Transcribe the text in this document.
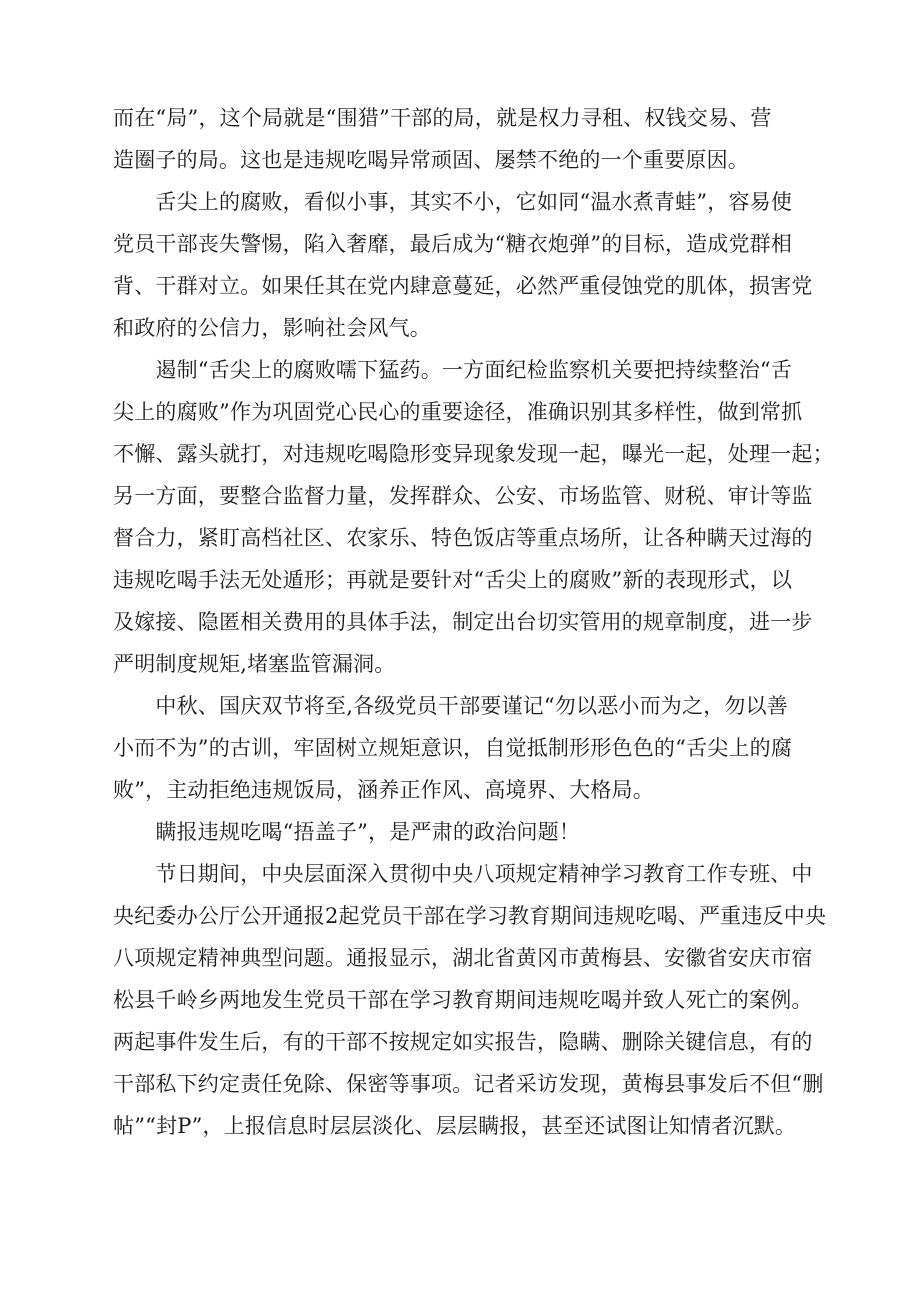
而在“局”，这个局就是“围猎”干部的局，就是权力寻租、权钱交易、营
造圈子的局。这也是违规吃喝异常顽固、屡禁不绝的一个重要原因。
　　舌尖上的腐败，看似小事，其实不小，它如同“温水煮青蛙”，容易使
党员干部丧失警惕，陷入奢靡，最后成为“糖衣炮弹”的目标，造成党群相
背、干群对立。如果任其在党内肆意蔓延，必然严重侵蚀党的肌体，损害党
和政府的公信力，影响社会风气。
　　遏制“舌尖上的腐败嚅下猛药。一方面纪检监察机关要把持续整治“舌
尖上的腐败”作为巩固党心民心的重要途径，准确识别其多样性，做到常抓
不懈、露头就打，对违规吃喝隐形变异现象发现一起，曝光一起，处理一起；
另一方面，要整合监督力量，发挥群众、公安、市场监管、财税、审计等监
督合力，紧盯高档社区、农家乐、特色饭店等重点场所，让各种瞒天过海的
违规吃喝手法无处遁形；再就是要针对“舌尖上的腐败”新的表现形式，以
及嫁接、隐匿相关费用的具体手法，制定出台切实管用的规章制度，进一步
严明制度规矩,堵塞监管漏洞。
　　中秋、国庆双节将至,各级党员干部要谨记“勿以恶小而为之，勿以善
小而不为”的古训，牢固树立规矩意识，自觉抵制形形色色的“舌尖上的腐
败”，主动拒绝违规饭局，涵养正作风、高境界、大格局。
　　瞒报违规吃喝“捂盖子”，是严肃的政治问题！
　　节日期间，中央层面深入贯彻中央八项规定精神学习教育工作专班、中
央纪委办公厅公开通报2起党员干部在学习教育期间违规吃喝、严重违反中央
八项规定精神典型问题。通报显示，湖北省黄冈市黄梅县、安徽省安庆市宿
松县千岭乡两地发生党员干部在学习教育期间违规吃喝并致人死亡的案例。
两起事件发生后，有的干部不按规定如实报告，隐瞒、删除关键信息，有的
干部私下约定责任免除、保密等事项。记者采访发现，黄梅县事发后不但“删
帖”“封P”，上报信息时层层淡化、层层瞒报，甚至还试图让知情者沉默。
